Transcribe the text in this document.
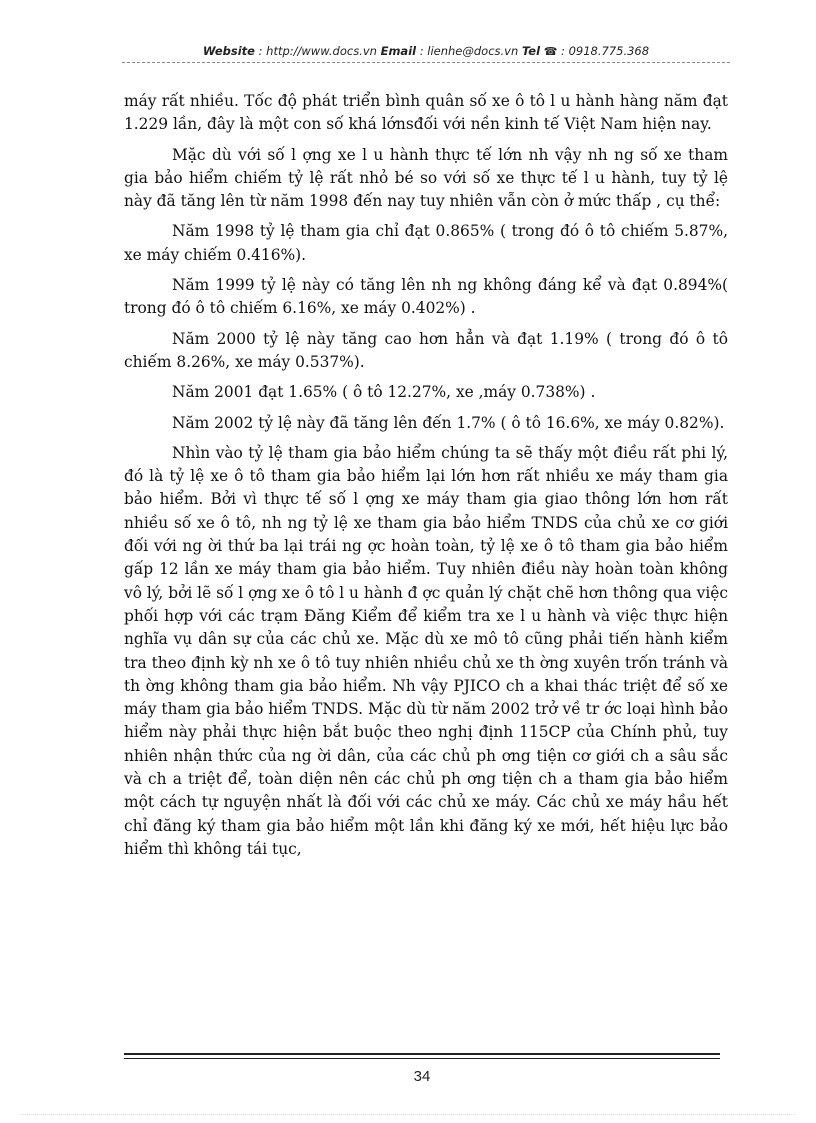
Website : http://www.docs.vn Email : lienhe@docs.vn Tel ☎ : 0918.775.368

máy rất nhiều. Tốc độ phát triển bình quân số xe ô tô l u hành hàng năm đạt 1.229 lần, đây là một con số khá lớnsđối với nền kinh tế Việt Nam hiện nay.

Mặc dù với số l ợng xe l u hành thực tế lớn nh vậy nh ng số xe tham gia bảo hiểm chiếm tỷ lệ rất nhỏ bé so với số xe thực tế l u hành, tuy tỷ lệ này đã tăng lên từ năm 1998 đến nay tuy nhiên vẫn còn ở mức thấp , cụ thể:

Năm 1998 tỷ lệ tham gia chỉ đạt 0.865% ( trong đó ô tô chiếm 5.87%, xe máy chiếm 0.416%).

Năm 1999 tỷ lệ này có tăng lên nh ng không đáng kể và đạt 0.894%( trong đó ô tô chiếm 6.16%, xe máy 0.402%) .

Năm 2000 tỷ lệ này tăng cao hơn hẳn và đạt 1.19% ( trong đó ô tô chiếm 8.26%, xe máy 0.537%).

Năm 2001 đạt 1.65% ( ô tô 12.27%, xe ,máy 0.738%) .

Năm 2002 tỷ lệ này đã tăng lên đến 1.7% ( ô tô 16.6%, xe máy 0.82%).

Nhìn vào tỷ lệ tham gia bảo hiểm chúng ta sẽ thấy một điều rất phi lý, đó là tỷ lệ xe ô tô tham gia bảo hiểm lại lớn hơn rất nhiều xe máy tham gia bảo hiểm. Bởi vì thực tế số l ợng xe máy tham gia giao thông lớn hơn rất nhiều số xe ô tô, nh ng tỷ lệ xe tham gia bảo hiểm TNDS của chủ xe cơ giới đối với ng ời thứ ba lại trái ng ợc hoàn toàn, tỷ lệ xe ô tô tham gia bảo hiểm gấp 12 lần xe máy tham gia bảo hiểm. Tuy nhiên điều này hoàn toàn không vô lý, bởi lẽ số l ợng xe ô tô l u hành đ ợc quản lý chặt chẽ hơn thông qua việc phối hợp với các trạm Đăng Kiểm để kiểm tra xe l u hành và việc thực hiện nghĩa vụ dân sự của các chủ xe. Mặc dù xe mô tô cũng phải tiến hành kiểm tra theo định kỳ nh xe ô tô tuy nhiên nhiều chủ xe th ờng xuyên trốn tránh và th ờng không tham gia bảo hiểm. Nh vậy PJICO ch a khai thác triệt để số xe máy tham gia bảo hiểm TNDS. Mặc dù từ năm 2002 trở về tr ớc loại hình bảo hiểm này phải thực hiện bắt buộc theo nghị định 115CP của Chính phủ, tuy nhiên nhận thức của ng ời dân, của các chủ ph ơng tiện cơ giới ch a sâu sắc và ch a triệt để, toàn diện nên các chủ ph ơng tiện ch a tham gia bảo hiểm một cách tự nguyện nhất là đối với các chủ xe máy. Các chủ xe máy hầu hết chỉ đăng ký tham gia bảo hiểm một lần khi đăng ký xe mới, hết hiệu lực bảo hiểm thì không tái tục,

34
